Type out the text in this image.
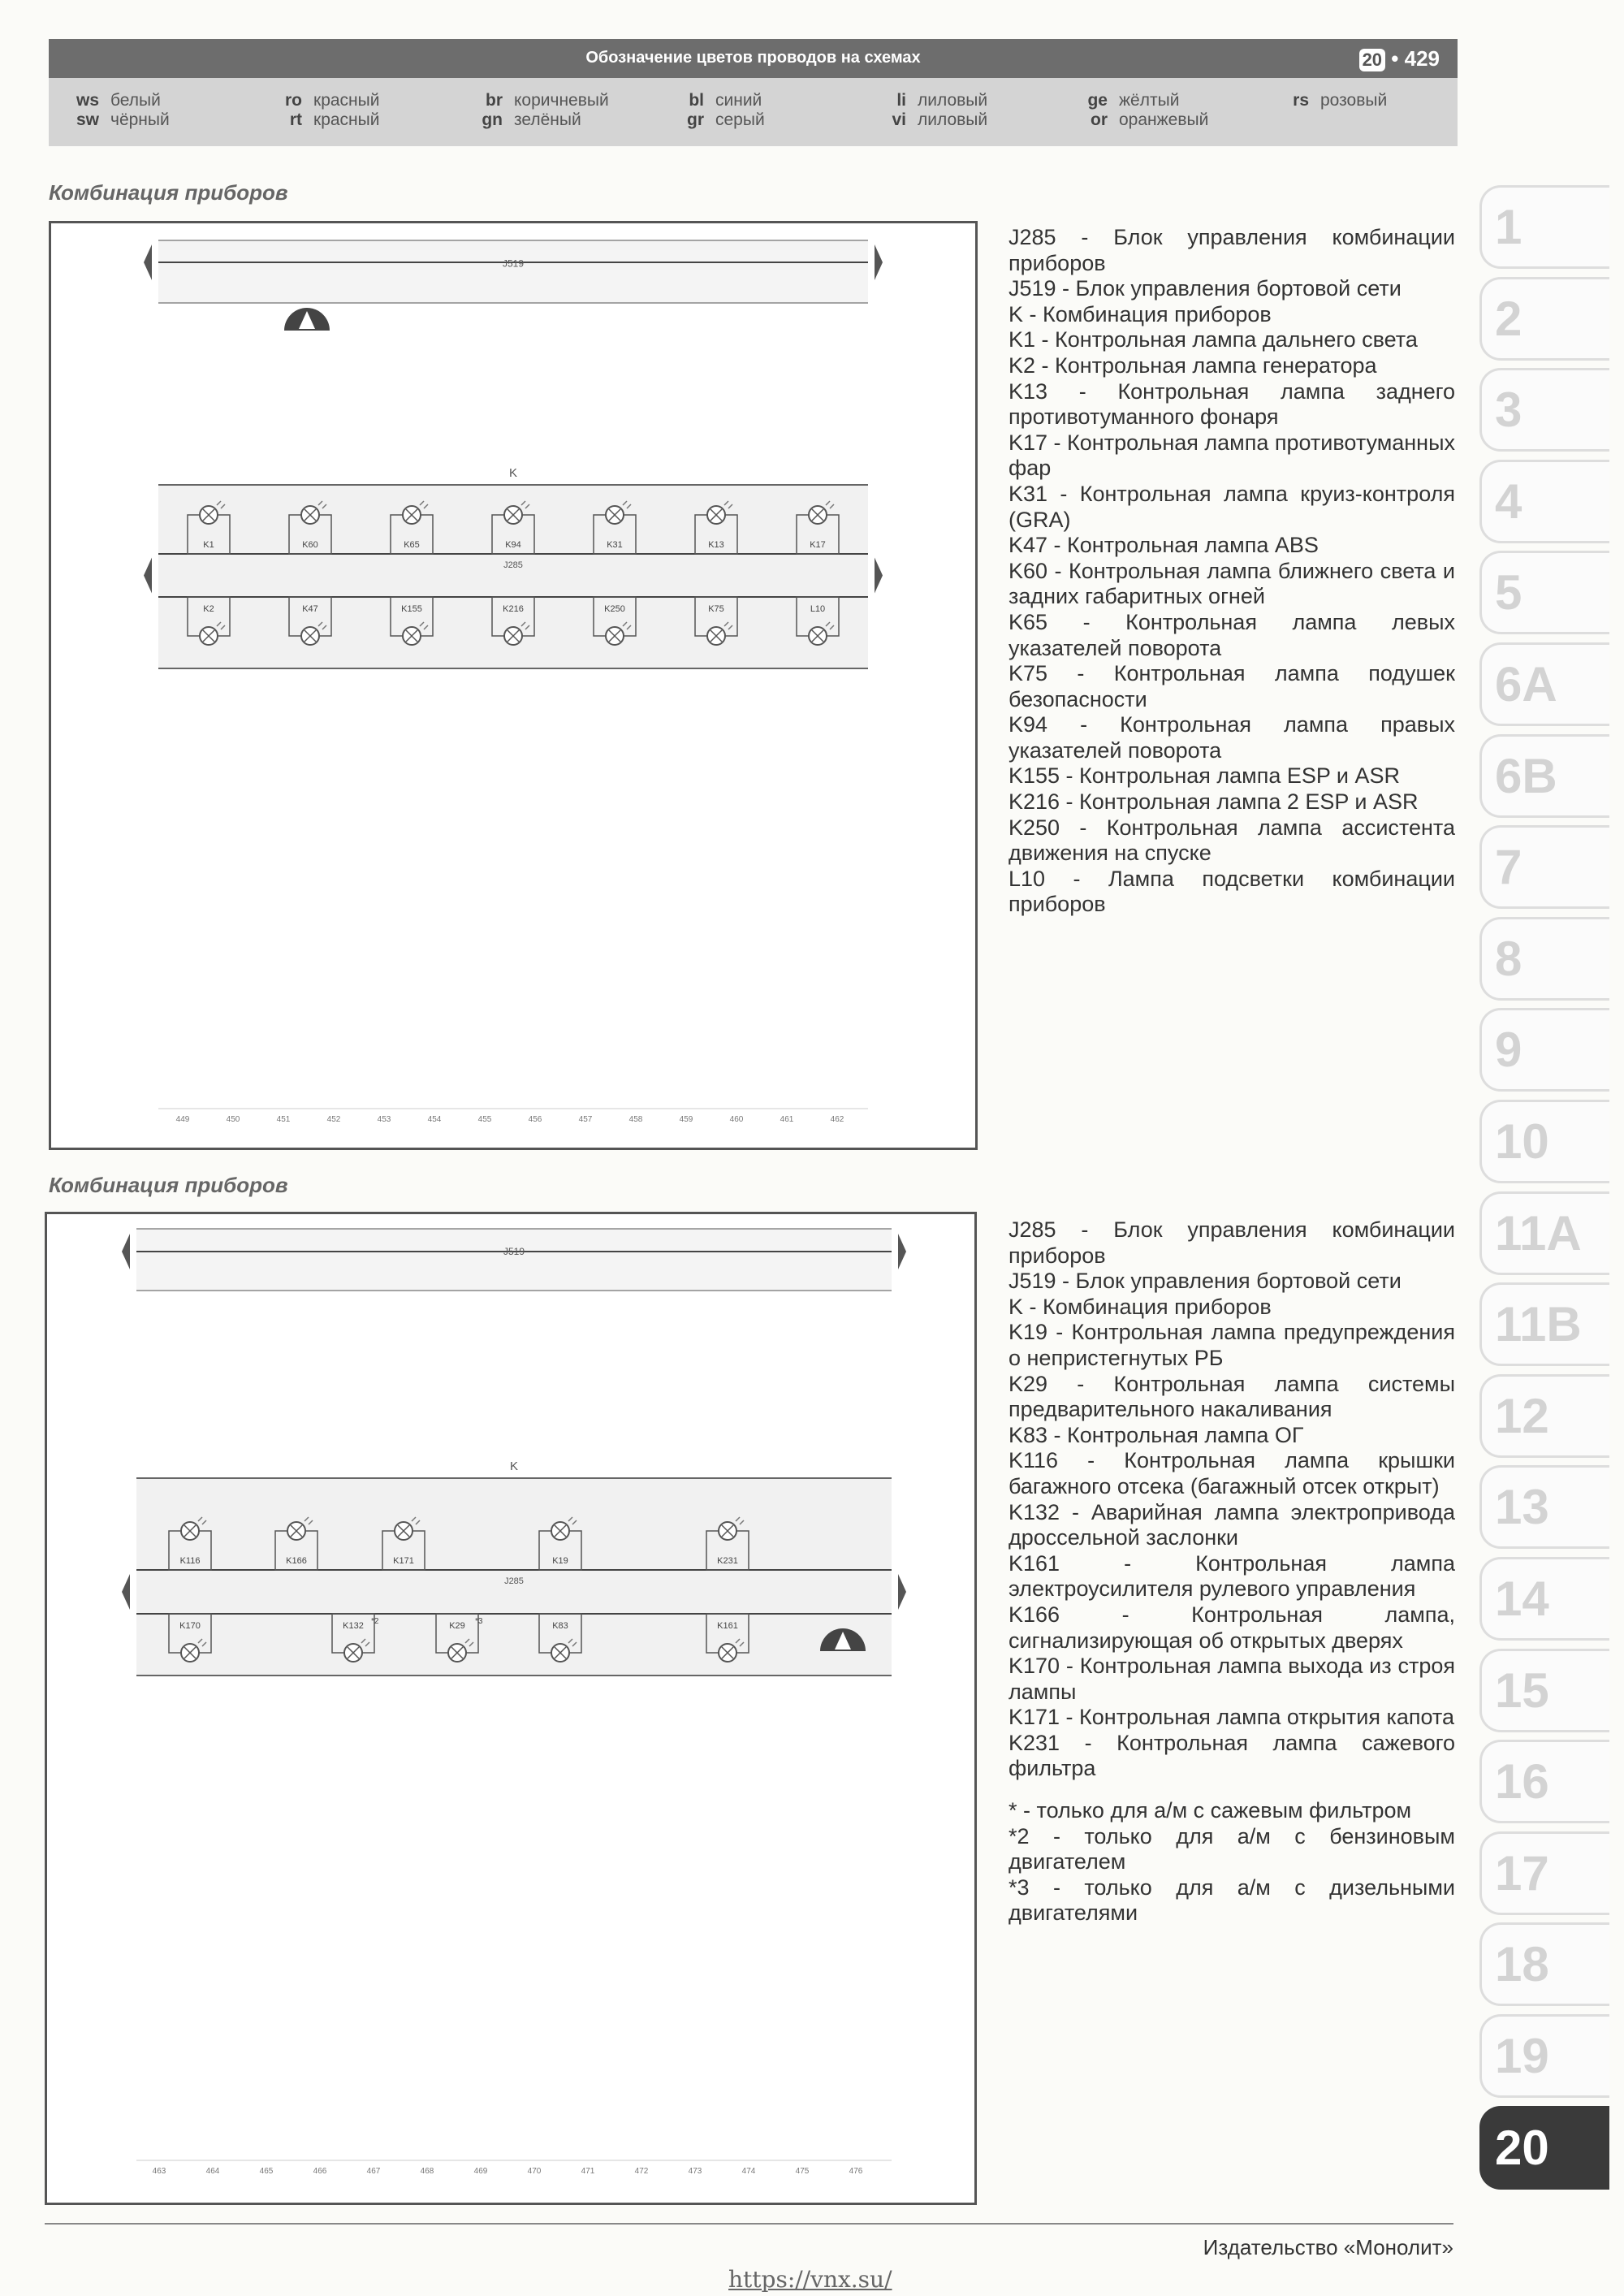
Обозначение цветов проводов на схемах	20 • 429
ws белый
sw чёрный
ro красный
rt красный
br коричневый
gn зелёный
bl синий
gr серый
li лиловый
vi лиловый
ge жёлтый
or оранжевый
rs розовый
Комбинация приборов
J519
K
J285
K1	K60	K65	K94	K31	K13	K17
K2	K47	K155	K216	K250	K75	L10
449	450	451	452	453	454	455	456	457	458	459	460	461	462

J285 - Блок управления комбинации приборов

J519 - Блок управления бортовой сети

K - Комбинация приборов

K1 - Контрольная лампа дальнего света

K2 - Контрольная лампа генератора

K13 - Контрольная лампа заднего противотуманного фонаря

K17 - Контрольная лампа противотуманных фар

K31 - Контрольная лампа круиз-контроля (GRA)

K47 - Контрольная лампа ABS

K60 - Контрольная лампа ближнего света и задних габаритных огней

K65 - Контрольная лампа левых указателей поворота

K75 - Контрольная лампа подушек безопасности

K94 - Контрольная лампа правых указателей поворота

K155 - Контрольная лампа ESP и ASR

K216 - Контрольная лампа 2 ESP и ASR

K250 - Контрольная лампа ассистента движения на спуске

L10 - Лампа подсветки комбинации приборов

Комбинация приборов
J519
K
J285
K116	K166	K171	K19	K231
K170	K132 *2	K29 *3	K83	K161
463	464	465	466	467	468	469	470	471	472	473	474	475	476

J285 - Блок управления комбинации приборов

J519 - Блок управления бортовой сети

K - Комбинация приборов

K19 - Контрольная лампа предупреждения о непристегнутых РБ

K29 - Контрольная лампа системы предварительного накаливания

K83 - Контрольная лампа ОГ

K116 - Контрольная лампа крышки багажного отсека (багажный отсек открыт)

K132 - Аварийная лампа электропривода дроссельной заслонки

K161 - Контрольная лампа электроусилителя рулевого управления

K166 - Контрольная лампа, сигнализирующая об открытых дверях

K170 - Контрольная лампа выхода из строя лампы

K171 - Контрольная лампа открытия капота

K231 - Контрольная лампа сажевого фильтра

* - только для а/м с сажевым фильтром

*2 - только для а/м с бензиновым двигателем

*3 - только для а/м с дизельными двигателями

1
2
3
4
5
6A
6B
7
8
9
10
11A
11B
12
13
14
15
16
17
18
19
20
Издательство «Монолит»
https://vnx.su/
